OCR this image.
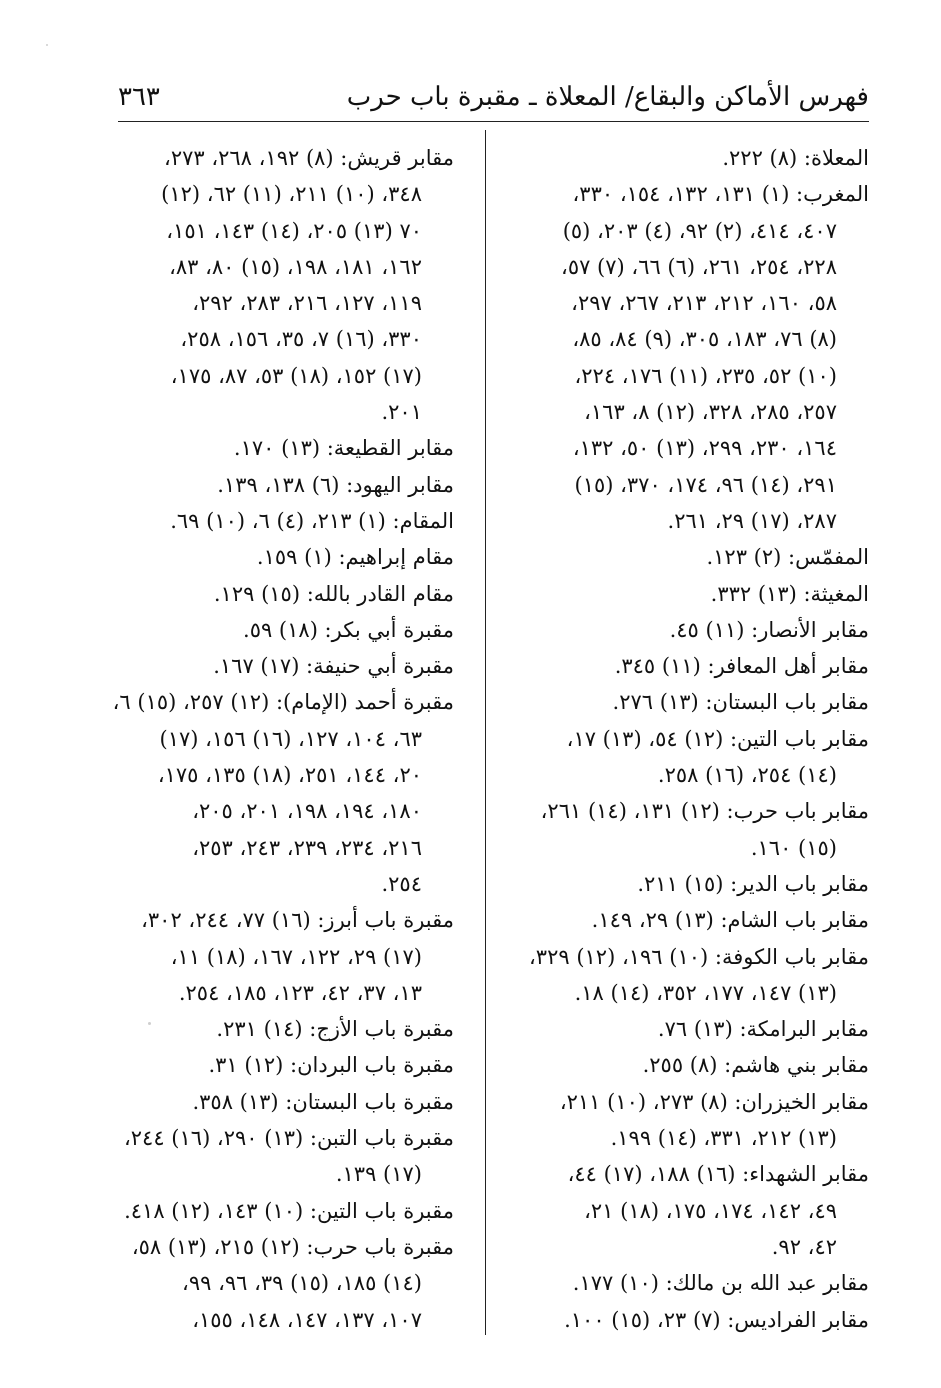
فهرس الأماكن والبقاع/ المعلاة ـ مقبرة باب حرب
٣٦٣
المعلاة: (٨) ٢٢٢.
المغرب: (١) ١٣١، ١٣٢، ١٥٤، ٣٣٠،
٤٠٧، ٤١٤، (٢) ٩٢، (٤) ٢٠٣، (٥)
٢٢٨، ٢٥٤، ٢٦١، (٦) ٦٦، (٧) ٥٧،
٥٨، ١٦٠، ٢١٢، ٢١٣، ٢٦٧، ٢٩٧،
(٨) ٧٦، ١٨٣، ٣٠٥، (٩) ٨٤، ٨٥،
(١٠) ٥٢، ٢٣٥، (١١) ١٧٦، ٢٢٤،
٢٥٧، ٢٨٥، ٣٢٨، (١٢) ٨، ١٦٣،
١٦٤، ٢٣٠، ٢٩٩، (١٣) ٥٠، ١٣٢،
٢٩١، (١٤) ٩٦، ١٧٤، ٣٧٠، (١٥)
٢٨٧، (١٧) ٢٩، ٢٦١.
المفمّس: (٢) ١٢٣.
المغيثة: (١٣) ٣٣٢.
مقابر الأنصار: (١١) ٤٥.
مقابر أهل المعافر: (١١) ٣٤٥.
مقابر باب البستان: (١٣) ٢٧٦.
مقابر باب التين: (١٢) ٥٤، (١٣) ١٧،
(١٤) ٢٥٤، (١٦) ٢٥٨.
مقابر باب حرب: (١٢) ١٣١، (١٤) ٢٦١،
(١٥) ١٦٠.
مقابر باب الدير: (١٥) ٢١١.
مقابر باب الشام: (١٣) ٢٩، ١٤٩.
مقابر باب الكوفة: (١٠) ١٩٦، (١٢) ٣٢٩،
(١٣) ١٤٧، ١٧٧، ٣٥٢، (١٤) ١٨.
مقابر البرامكة: (١٣) ٧٦.
مقابر بني هاشم: (٨) ٢٥٥.
مقابر الخيزران: (٨) ٢٧٣، (١٠) ٢١١،
(١٣) ٢١٢، ٣٣١، (١٤) ١٩٩.
مقابر الشهداء: (١٦) ١٨٨، (١٧) ٤٤،
٤٩، ١٤٢، ١٧٤، ١٧٥، (١٨) ٢١،
٤٢، ٩٢.
مقابر عبد الله بن مالك: (١٠) ١٧٧.
مقابر الفراديس: (٧) ٢٣، (١٥) ١٠٠.
مقابر قريش: (٨) ١٩٢، ٢٦٨، ٢٧٣،
٣٤٨، (١٠) ٢١١، (١١) ٦٢، (١٢)
٧٠ (١٣) ٢٠٥، (١٤) ١٤٣، ١٥١،
١٦٢، ١٨١، ١٩٨، (١٥) ٨٠، ٨٣،
١١٩، ١٢٧، ٢١٦، ٢٨٣، ٢٩٢،
٣٣٠، (١٦) ٧، ٣٥، ١٥٦، ٢٥٨،
(١٧) ١٥٢، (١٨) ٥٣، ٨٧، ١٧٥،
٢٠١.
مقابر القطيعة: (١٣) ١٧٠.
مقابر اليهود: (٦) ١٣٨، ١٣٩.
المقام: (١) ٢١٣، (٤) ٦، (١٠) ٦٩.
مقام إبراهيم: (١) ١٥٩.
مقام القادر بالله: (١٥) ١٢٩.
مقبرة أبي بكر: (١٨) ٥٩.
مقبرة أبي حنيفة: (١٧) ١٦٧.
مقبرة أحمد (الإمام): (١٢) ٢٥٧، (١٥) ٦،
٦٣، ١٠٤، ١٢٧، (١٦) ١٥٦، (١٧)
٢٠، ١٤٤، ٢٥١، (١٨) ١٣٥، ١٧٥،
١٨٠، ١٩٤، ١٩٨، ٢٠١، ٢٠٥،
٢١٦، ٢٣٤، ٢٣٩، ٢٤٣، ٢٥٣،
٢٥٤.
مقبرة باب أبرز: (١٦) ٧٧، ٢٤٤، ٣٠٢،
(١٧) ٢٩، ١٢٢، ١٦٧، (١٨) ١١،
١٣، ٣٧، ٤٢، ١٢٣، ١٨٥، ٢٥٤.
مقبرة باب الأزج: (١٤) ٢٣١.
مقبرة باب البردان: (١٢) ٣١.
مقبرة باب البستان: (١٣) ٣٥٨.
مقبرة باب التبن: (١٣) ٢٩٠، (١٦) ٢٤٤،
(١٧) ١٣٩.
مقبرة باب التين: (١٠) ١٤٣، (١٢) ٤١٨.
مقبرة باب حرب: (١٢) ٢١٥، (١٣) ٥٨،
(١٤) ١٨٥، (١٥) ٣٩، ٩٦، ٩٩،
١٠٧، ١٣٧، ١٤٧، ١٤٨، ١٥٥،
